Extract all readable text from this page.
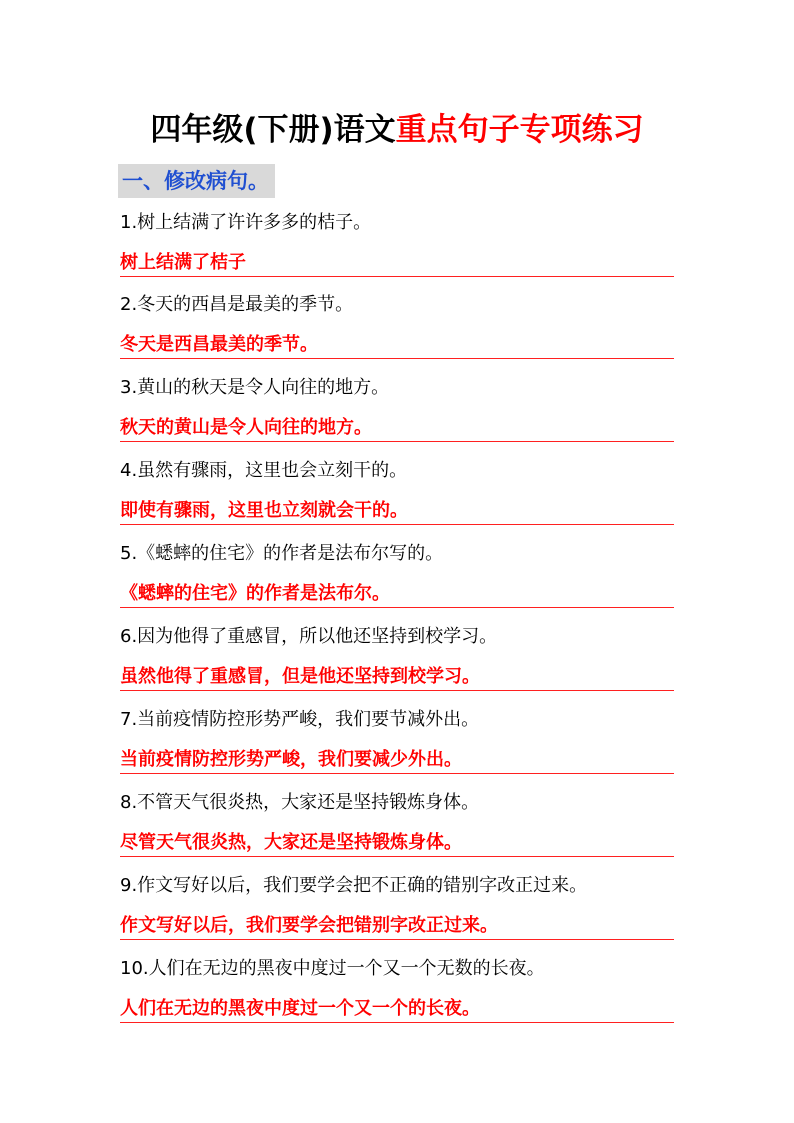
四年级(下册)语文重点句子专项练习
一、修改病句。
1.树上结满了许许多多的桔子。
树上结满了桔子
2.冬天的西昌是最美的季节。
冬天是西昌最美的季节。
3.黄山的秋天是令人向往的地方。
秋天的黄山是令人向往的地方。
4.虽然有骤雨，这里也会立刻干的。
即使有骤雨，这里也立刻就会干的。
5.《蟋蟀的住宅》的作者是法布尔写的。
《蟋蟀的住宅》的作者是法布尔。
6.因为他得了重感冒，所以他还坚持到校学习。
虽然他得了重感冒，但是他还坚持到校学习。
7.当前疫情防控形势严峻，我们要节减外出。
当前疫情防控形势严峻，我们要减少外出。
8.不管天气很炎热，大家还是坚持锻炼身体。
尽管天气很炎热，大家还是坚持锻炼身体。
9.作文写好以后，我们要学会把不正确的错别字改正过来。
作文写好以后，我们要学会把错别字改正过来。
10.人们在无边的黑夜中度过一个又一个无数的长夜。
人们在无边的黑夜中度过一个又一个的长夜。
